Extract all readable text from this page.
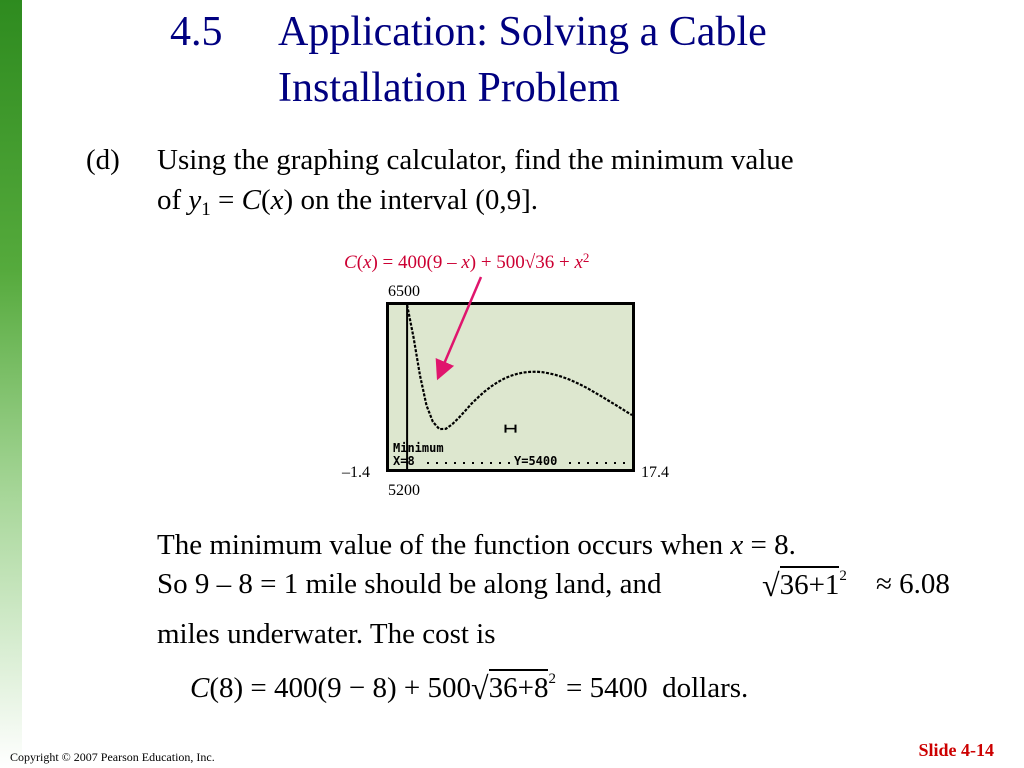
4.5 Application: Solving a Cable
Installation Problem
(d) Using the graphing calculator, find the minimum value
of $y_1 = C(x)$ on the interval (0,9].
$C(x) = 400(9 - x) + 500√36 + x^2$
6500
5200
–1.4	17.4
Minimum
X=8	Y=5400
The minimum value of the function occurs when x = 8.
So 9 – 8 = 1 mile should be along land, and	$√36+1^2 \approx 6.08$
miles underwater. The cost is
$C(8) = 400(9 - 8) + 500√36+8^2 = 5400$ dollars.
Copyright © 2007 Pearson Education, Inc.	Slide 4-14
